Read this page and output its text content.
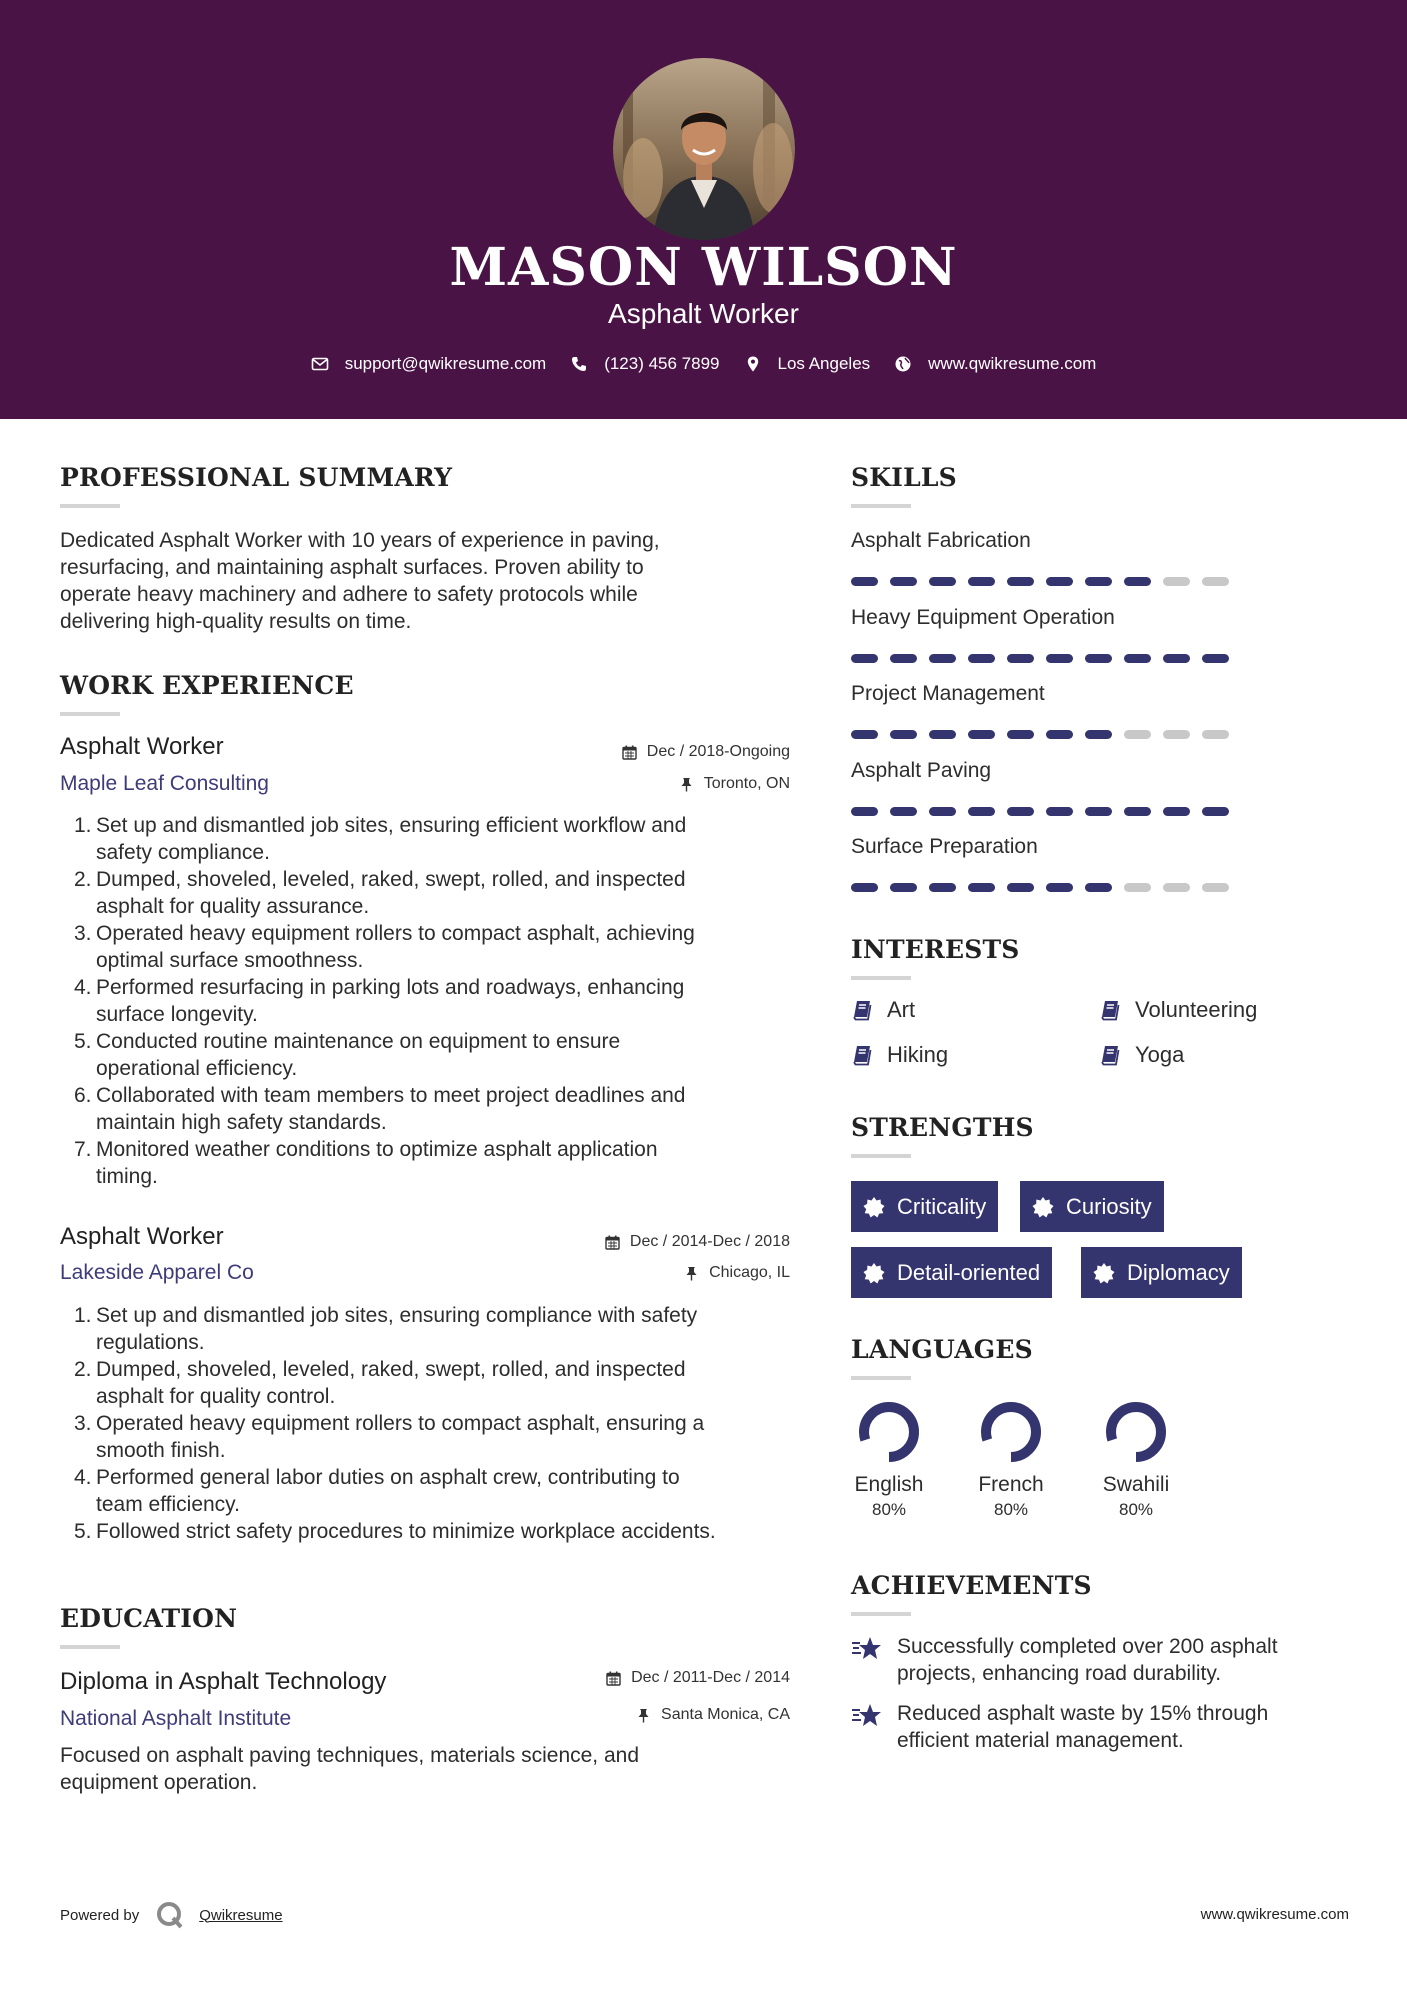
MASON WILSON
Asphalt Worker
support@qwikresume.com	(123) 456 7899	Los Angeles	www.qwikresume.com
PROFESSIONAL SUMMARY
Dedicated Asphalt Worker with 10 years of experience in paving,
resurfacing, and maintaining asphalt surfaces. Proven ability to
operate heavy machinery and adhere to safety protocols while
delivering high-quality results on time.
WORK EXPERIENCE
Asphalt Worker
Maple Leaf Consulting
Dec / 2018-Ongoing
Toronto, ON
1. Set up and dismantled job sites, ensuring efficient workflow and
safety compliance.
2. Dumped, shoveled, leveled, raked, swept, rolled, and inspected
asphalt for quality assurance.
3. Operated heavy equipment rollers to compact asphalt, achieving
optimal surface smoothness.
4. Performed resurfacing in parking lots and roadways, enhancing
surface longevity.
5. Conducted routine maintenance on equipment to ensure
operational efficiency.
6. Collaborated with team members to meet project deadlines and
maintain high safety standards.
7. Monitored weather conditions to optimize asphalt application
timing.
Asphalt Worker
Lakeside Apparel Co
Dec / 2014-Dec / 2018
Chicago, IL
1. Set up and dismantled job sites, ensuring compliance with safety
regulations.
2. Dumped, shoveled, leveled, raked, swept, rolled, and inspected
asphalt for quality control.
3. Operated heavy equipment rollers to compact asphalt, ensuring a
smooth finish.
4. Performed general labor duties on asphalt crew, contributing to
team efficiency.
5. Followed strict safety procedures to minimize workplace accidents.
EDUCATION
Diploma in Asphalt Technology
National Asphalt Institute
Dec / 2011-Dec / 2014
Santa Monica, CA
Focused on asphalt paving techniques, materials science, and
equipment operation.
SKILLS
Asphalt Fabrication
Heavy Equipment Operation
Project Management
Asphalt Paving
Surface Preparation
INTERESTS
Art	Volunteering
Hiking	Yoga
STRENGTHS
Criticality	Curiosity
Detail-oriented	Diplomacy
LANGUAGES
English
80%
French
80%
Swahili
80%
ACHIEVEMENTS
Successfully completed over 200 asphalt
projects, enhancing road durability.
Reduced asphalt waste by 15% through
efficient material management.
Powered by	Qwikresume	www.qwikresume.com
